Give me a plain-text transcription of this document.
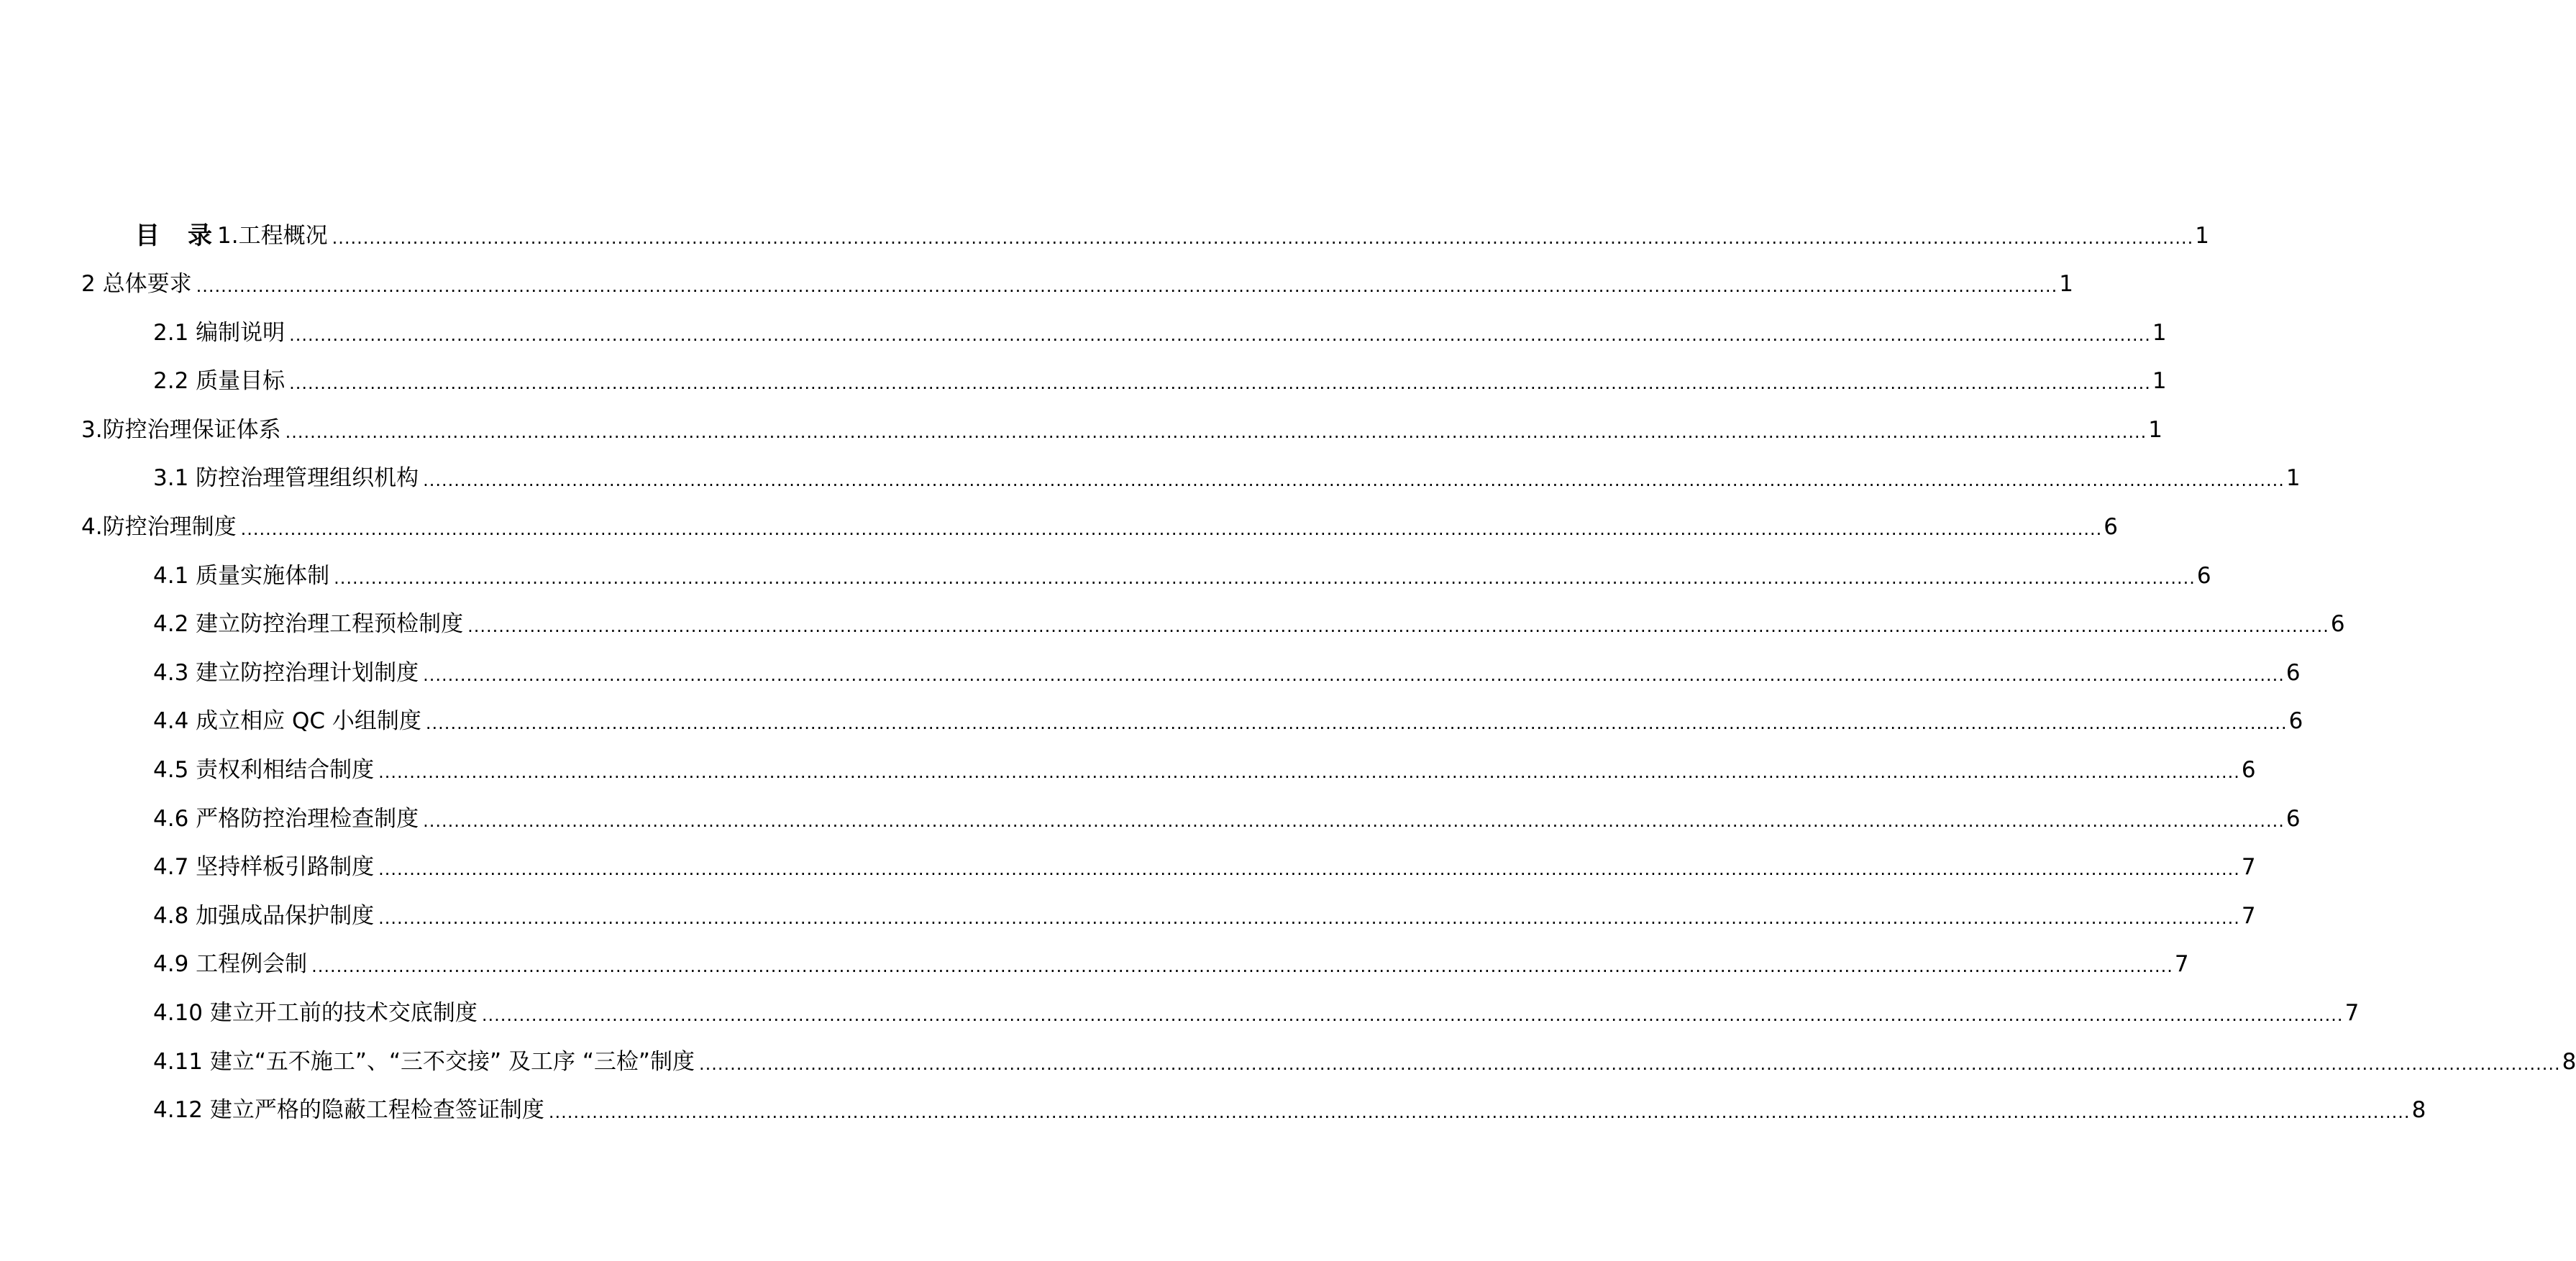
目 录 1.工程概况 ............................................................................................................................................................................................................................................................................................................ 1
2 总体要求 ............................................................................................................................................................................................................................................................................................................ 1
2.1 编制说明 ............................................................................................................................................................................................................................................................................................................ 1
2.2 质量目标 ............................................................................................................................................................................................................................................................................................................ 1
3.防控治理保证体系 ............................................................................................................................................................................................................................................................................................................ 1
3.1 防控治理管理组织机构 ............................................................................................................................................................................................................................................................................................................ 1
4.防控治理制度 ............................................................................................................................................................................................................................................................................................................ 6
4.1 质量实施体制 ............................................................................................................................................................................................................................................................................................................ 6
4.2 建立防控治理工程预检制度 ............................................................................................................................................................................................................................................................................................................ 6
4.3 建立防控治理计划制度 ............................................................................................................................................................................................................................................................................................................ 6
4.4 成立相应 QC 小组制度 ............................................................................................................................................................................................................................................................................................................ 6
4.5 责权利相结合制度 ............................................................................................................................................................................................................................................................................................................ 6
4.6 严格防控治理检查制度 ............................................................................................................................................................................................................................................................................................................ 6
4.7 坚持样板引路制度 ............................................................................................................................................................................................................................................................................................................ 7
4.8 加强成品保护制度 ............................................................................................................................................................................................................................................................................................................ 7
4.9 工程例会制 ............................................................................................................................................................................................................................................................................................................ 7
4.10 建立开工前的技术交底制度 ............................................................................................................................................................................................................................................................................................................ 7
4.11 建立“五不施工”、“三不交接” 及工序 “三检”制度 ............................................................................................................................................................................................................................................................................................................ 8
4.12 建立严格的隐蔽工程检查签证制度 ............................................................................................................................................................................................................................................................................................................ 8
